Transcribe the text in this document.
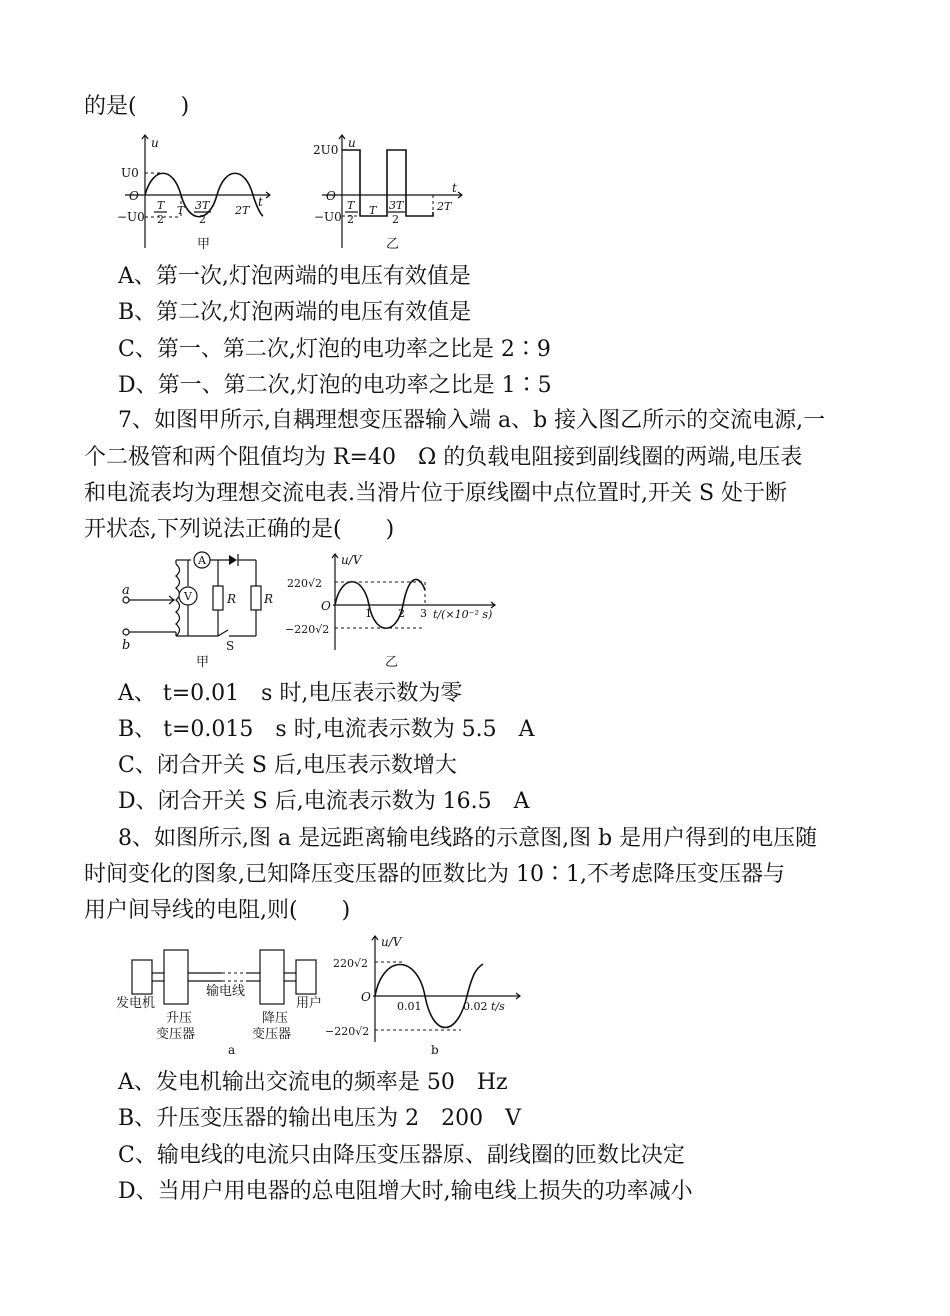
的是(　　)
u
U0
O
−U0
T
2
T 3T
2
2T
t
甲
u
2U0
O
−U0
T
2
T 3T
2
2T
t
乙
A、第一次,灯泡两端的电压有效值是
B、第二次,灯泡两端的电压有效值是
C、第一、第二次,灯泡的电功率之比是 2∶9
D、第一、第二次,灯泡的电功率之比是 1∶5
7、如图甲所示,自耦理想变压器输入端 a、b 接入图乙所示的交流电源,一
个二极管和两个阻值均为 R=40　Ω 的负载电阻接到副线圈的两端,电压表
和电流表均为理想交流电表.当滑片位于原线圈中点位置时,开关 S 处于断
开状态,下列说法正确的是(　　)
A
V	R R
a
b	S
甲
u/V
220√2
O
−220√2
1 2 3 t/(×10⁻² s)
乙
A、 t=0.01　s 时,电压表示数为零
B、 t=0.015　s 时,电流表示数为 5.5　A
C、闭合开关 S 后,电压表示数增大
D、闭合开关 S 后,电流表示数为 16.5　A
8、如图所示,图 a 是远距离输电线路的示意图,图 b 是用户得到的电压随
时间变化的图象,已知降压变压器的匝数比为 10∶1,不考虑降压变压器与
用户间导线的电阻,则(　　)
发电机
升压
变压器
输电线
降压
变压器
用户
a
u/V
220√2
O
−220√2
0.01	0.02 t/s
b
A、发电机输出交流电的频率是 50　Hz
B、升压变压器的输出电压为 2　200　V
C、输电线的电流只由降压变压器原、副线圈的匝数比决定
D、当用户用电器的总电阻增大时,输电线上损失的功率减小
